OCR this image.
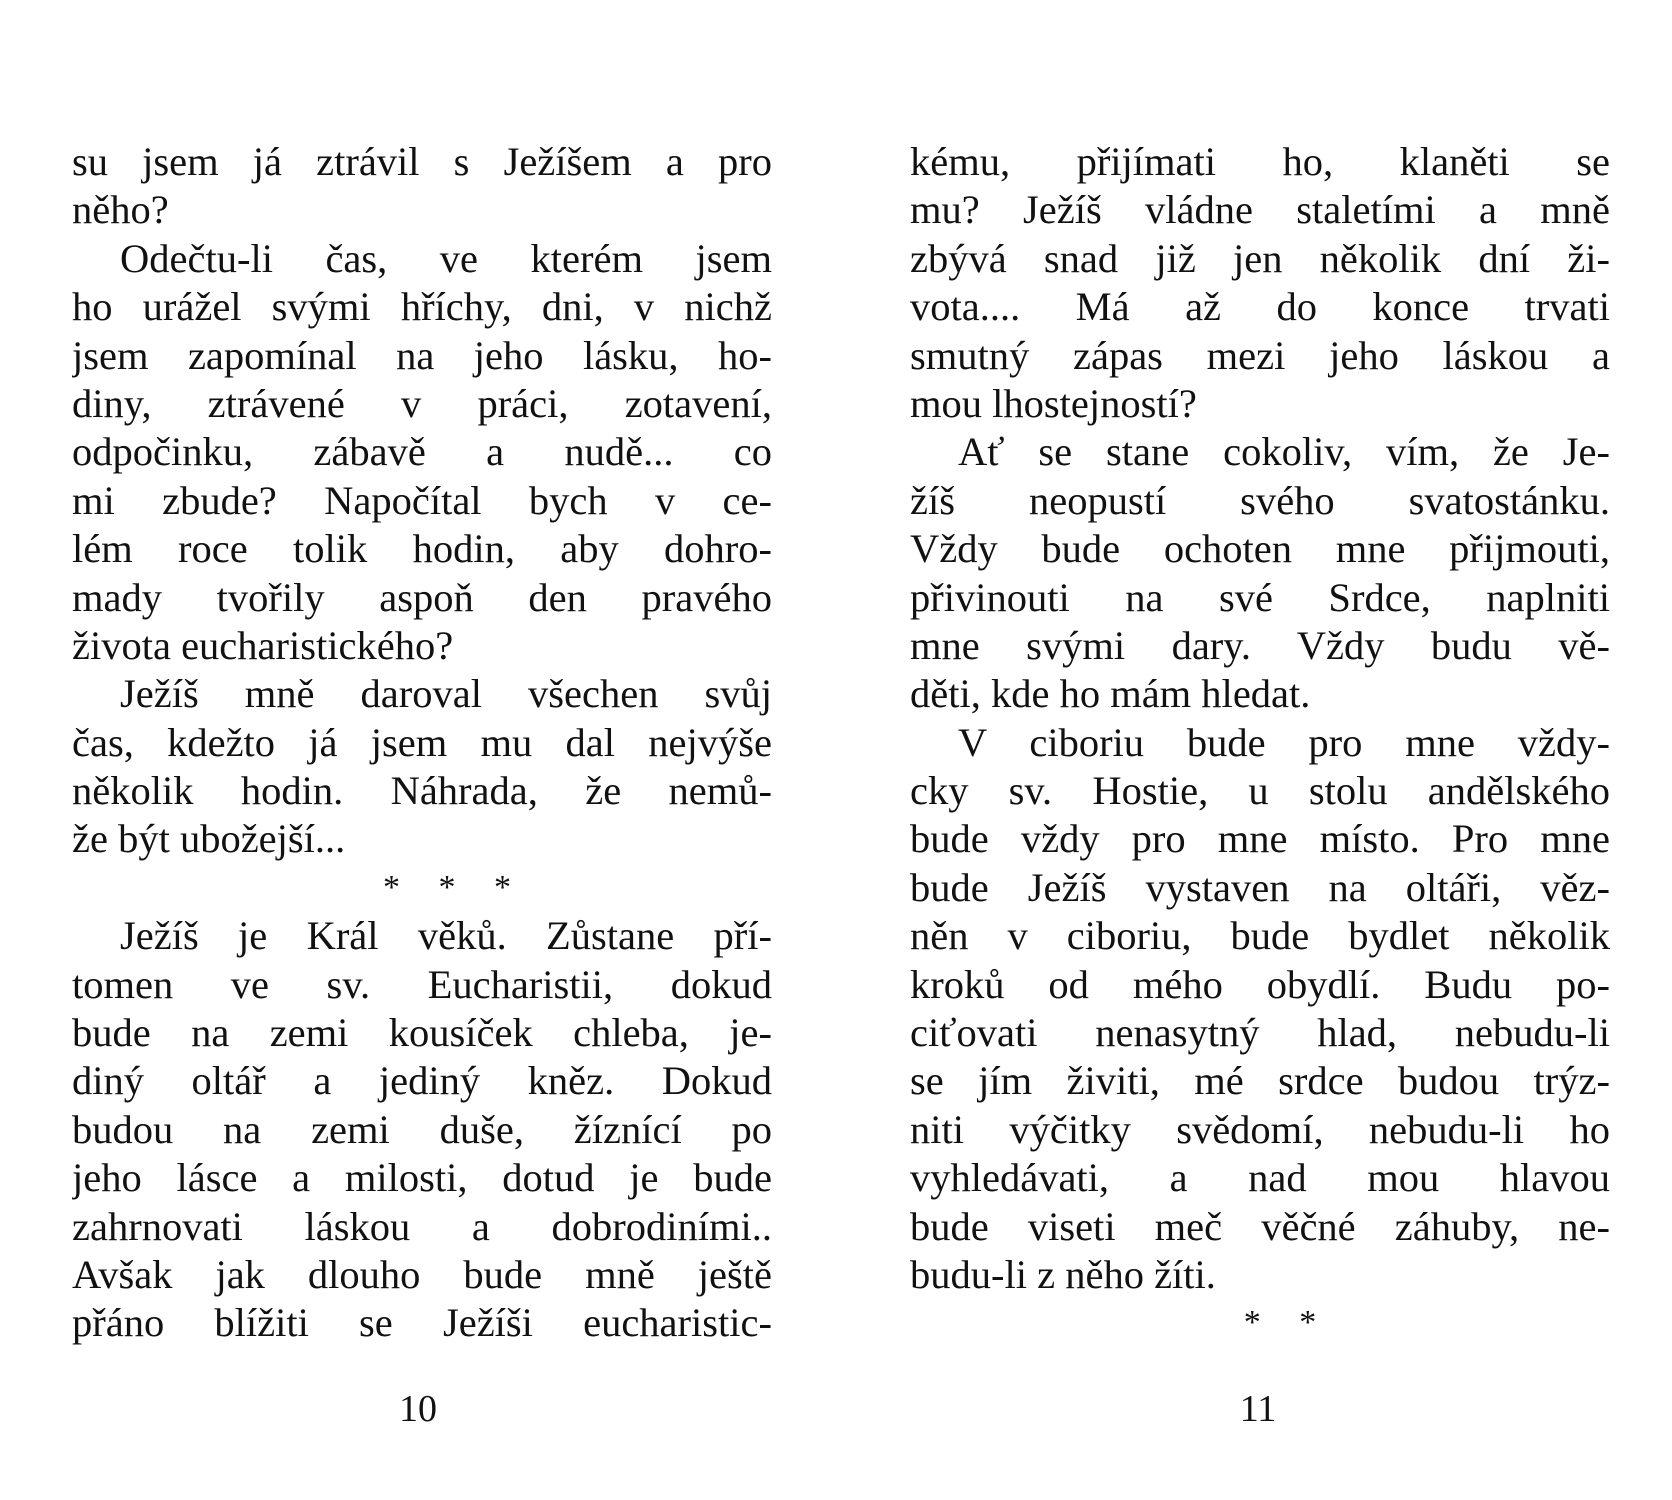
su jsem já ztrávil s Ježíšem a pro
něho?
Odečtu-li čas, ve kterém jsem
ho urážel svými hříchy, dni, v nichž
jsem zapomínal na jeho lásku, ho-
diny, ztrávené v práci, zotavení,
odpočinku, zábavě a nudě... co
mi zbude? Napočítal bych v ce-
lém roce tolik hodin, aby dohro-
mady tvořily aspoň den pravého
života eucharistického?
Ježíš mně daroval všechen svůj
čas, kdežto já jsem mu dal nejvýše
několik hodin. Náhrada, že nemů-
že být ubožejší...
* * *
Ježíš je Král věků. Zůstane pří-
tomen ve sv. Eucharistii, dokud
bude na zemi kousíček chleba, je-
diný oltář a jediný kněz. Dokud
budou na zemi duše, žíznící po
jeho lásce a milosti, dotud je bude
zahrnovati láskou a dobrodiními..
Avšak jak dlouho bude mně ještě
přáno blížiti se Ježíši eucharistic-
kému, přijímati ho, klaněti se
mu? Ježíš vládne staletími a mně
zbývá snad již jen několik dní ži-
vota.... Má až do konce trvati
smutný zápas mezi jeho láskou a
mou lhostejností?
Ať se stane cokoliv, vím, že Je-
žíš neopustí svého svatostánku.
Vždy bude ochoten mne přijmouti,
přivinouti na své Srdce, naplniti
mne svými dary. Vždy budu vě-
děti, kde ho mám hledat.
V ciboriu bude pro mne vždy-
cky sv. Hostie, u stolu andělského
bude vždy pro mne místo. Pro mne
bude Ježíš vystaven na oltáři, věz-
něn v ciboriu, bude bydlet několik
kroků od mého obydlí. Budu po-
ciťovati nenasytný hlad, nebudu-li
se jím živiti, mé srdce budou trýz-
niti výčitky svědomí, nebudu-li ho
vyhledávati, a nad mou hlavou
bude viseti meč věčné záhuby, ne-
budu-li z něho žíti.
* *
10	11
